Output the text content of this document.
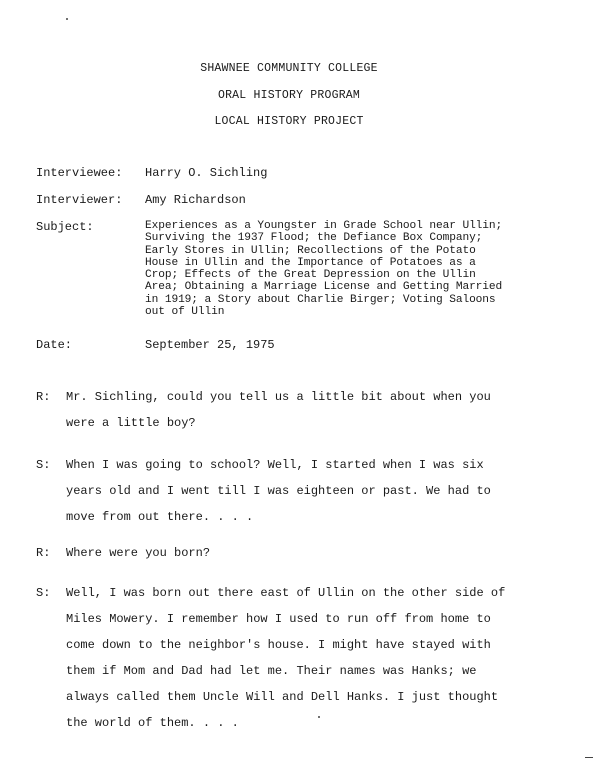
SHAWNEE COMMUNITY COLLEGE
ORAL HISTORY PROGRAM
LOCAL HISTORY PROJECT
Interviewee: Harry O. Sichling
Interviewer: Amy Richardson
Subject:	Experiences as a Youngster in Grade School near Ullin;
Surviving the 1937 Flood; the Defiance Box Company;
Early Stores in Ullin; Recollections of the Potato
House in Ullin and the Importance of Potatoes as a
Crop; Effects of the Great Depression on the Ullin
Area; Obtaining a Marriage License and Getting Married
in 1919; a Story about Charlie Birger; Voting Saloons
out of Ullin
Date:	September 25, 1975
R: Mr. Sichling, could you tell us a little bit about when you
were a little boy?
S: When I was going to school? Well, I started when I was six
years old and I went till I was eighteen or past. We had to
move from out there. . . .
R: Where were you born?
S: Well, I was born out there east of Ullin on the other side of
Miles Mowery. I remember how I used to run off from home to
come down to the neighbor's house. I might have stayed with
them if Mom and Dad had let me. Their names was Hanks; we
always called them Uncle Will and Dell Hanks. I just thought
the world of them. . . .
